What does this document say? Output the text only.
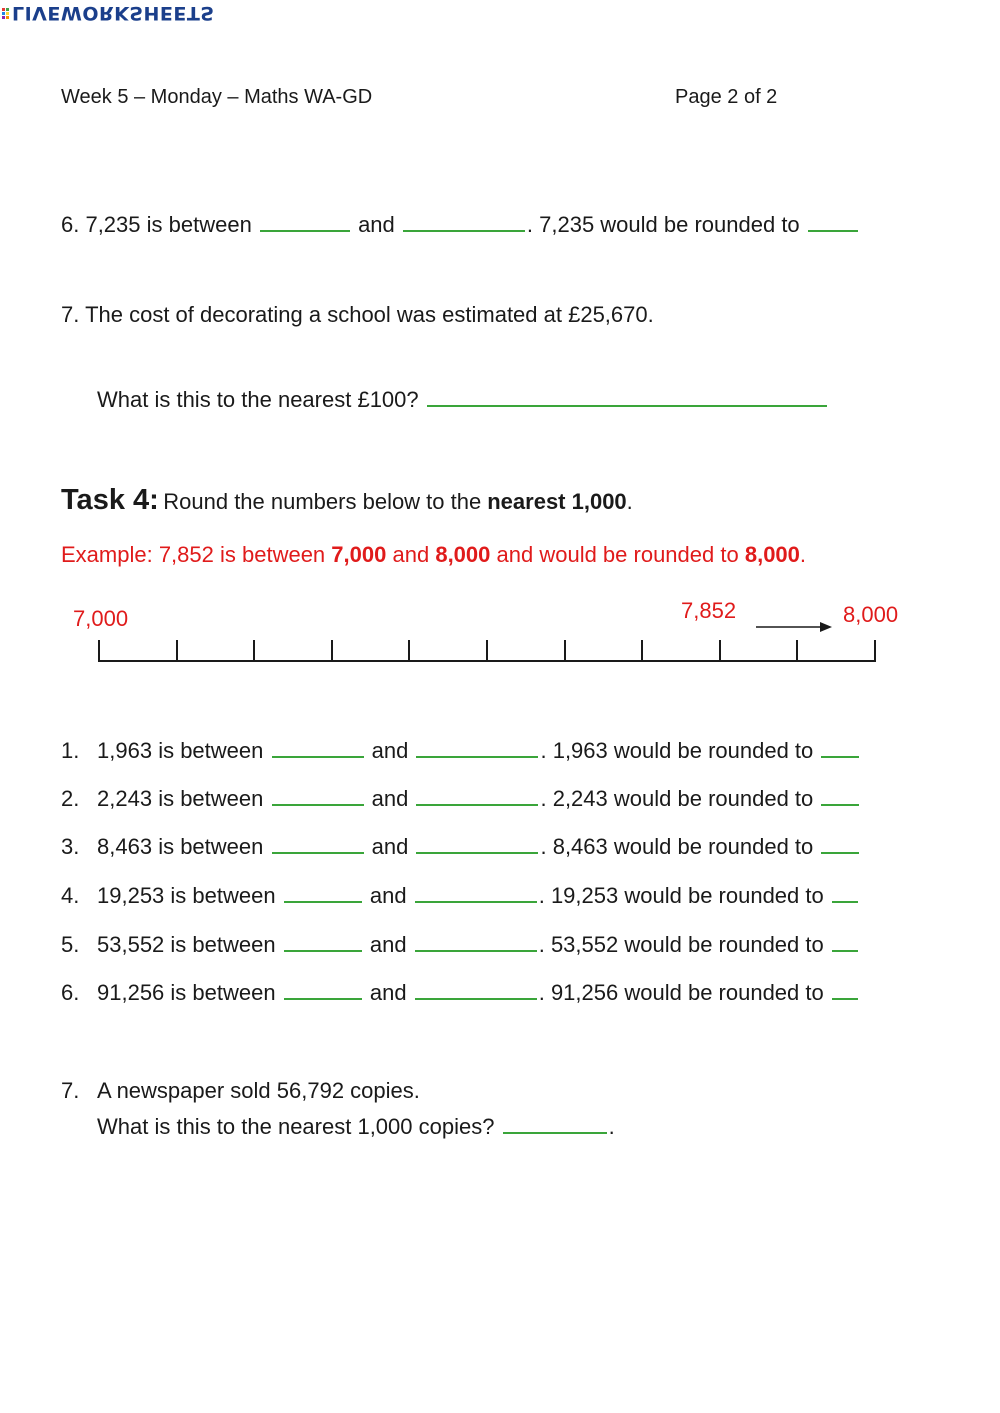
LIVEWORKSHEETS
Week 5 – Monday – Maths WA-GD	Page 2 of 2
6. 7,235 is between	and	. 7,235 would be rounded to
7. The cost of decorating a school was estimated at £25,670.
What is this to the nearest £100?
Task 4: Round the numbers below to the nearest 1,000.
Example: 7,852 is between 7,000 and 8,000 and would be rounded to 8,000.
7,000	7,852	8,000
1. 1,963 is between	and	. 1,963 would be rounded to
2. 2,243 is between	and	. 2,243 would be rounded to
3. 8,463 is between	and	. 8,463 would be rounded to
4. 19,253 is between	and	. 19,253 would be rounded to
5. 53,552 is between	and	. 53,552 would be rounded to
6. 91,256 is between	and	. 91,256 would be rounded to
7. A newspaper sold 56,792 copies.
What is this to the nearest 1,000 copies?	.
